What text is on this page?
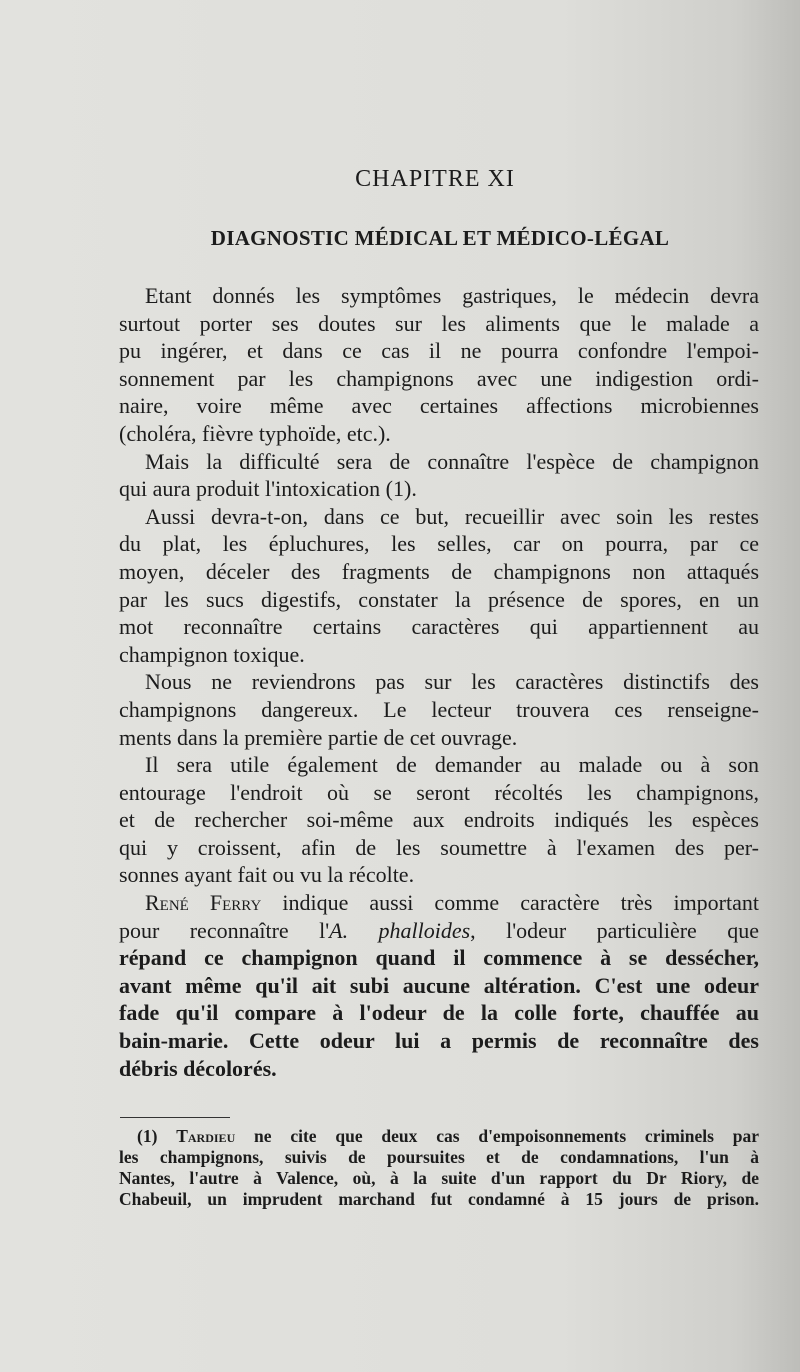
CHAPITRE XI
DIAGNOSTIC MÉDICAL ET MÉDICO-LÉGAL
Etant donnés les symptômes gastriques, le médecin devra
surtout porter ses doutes sur les aliments que le malade a
pu ingérer, et dans ce cas il ne pourra confondre l'empoi-
sonnement par les champignons avec une indigestion ordi-
naire, voire même avec certaines affections microbiennes
(choléra, fièvre typhoïde, etc.).
Mais la difficulté sera de connaître l'espèce de champignon
qui aura produit l'intoxication (1).
Aussi devra-t-on, dans ce but, recueillir avec soin les restes
du plat, les épluchures, les selles, car on pourra, par ce
moyen, déceler des fragments de champignons non attaqués
par les sucs digestifs, constater la présence de spores, en un
mot reconnaître certains caractères qui appartiennent au
champignon toxique.
Nous ne reviendrons pas sur les caractères distinctifs des
champignons dangereux. Le lecteur trouvera ces renseigne-
ments dans la première partie de cet ouvrage.
Il sera utile également de demander au malade ou à son
entourage l'endroit où se seront récoltés les champignons,
et de rechercher soi-même aux endroits indiqués les espèces
qui y croissent, afin de les soumettre à l'examen des per-
sonnes ayant fait ou vu la récolte.
René Ferry indique aussi comme caractère très important
pour reconnaître l'A. phalloides, l'odeur particulière que
répand ce champignon quand il commence à se dessécher,
avant même qu'il ait subi aucune altération. C'est une odeur
fade qu'il compare à l'odeur de la colle forte, chauffée au
bain-marie. Cette odeur lui a permis de reconnaître des
débris décolorés.
(1) Tardieu ne cite que deux cas d'empoisonnements criminels par
les champignons, suivis de poursuites et de condamnations, l'un à
Nantes, l'autre à Valence, où, à la suite d'un rapport du Dr Riory, de
Chabeuil, un imprudent marchand fut condamné à 15 jours de prison.
